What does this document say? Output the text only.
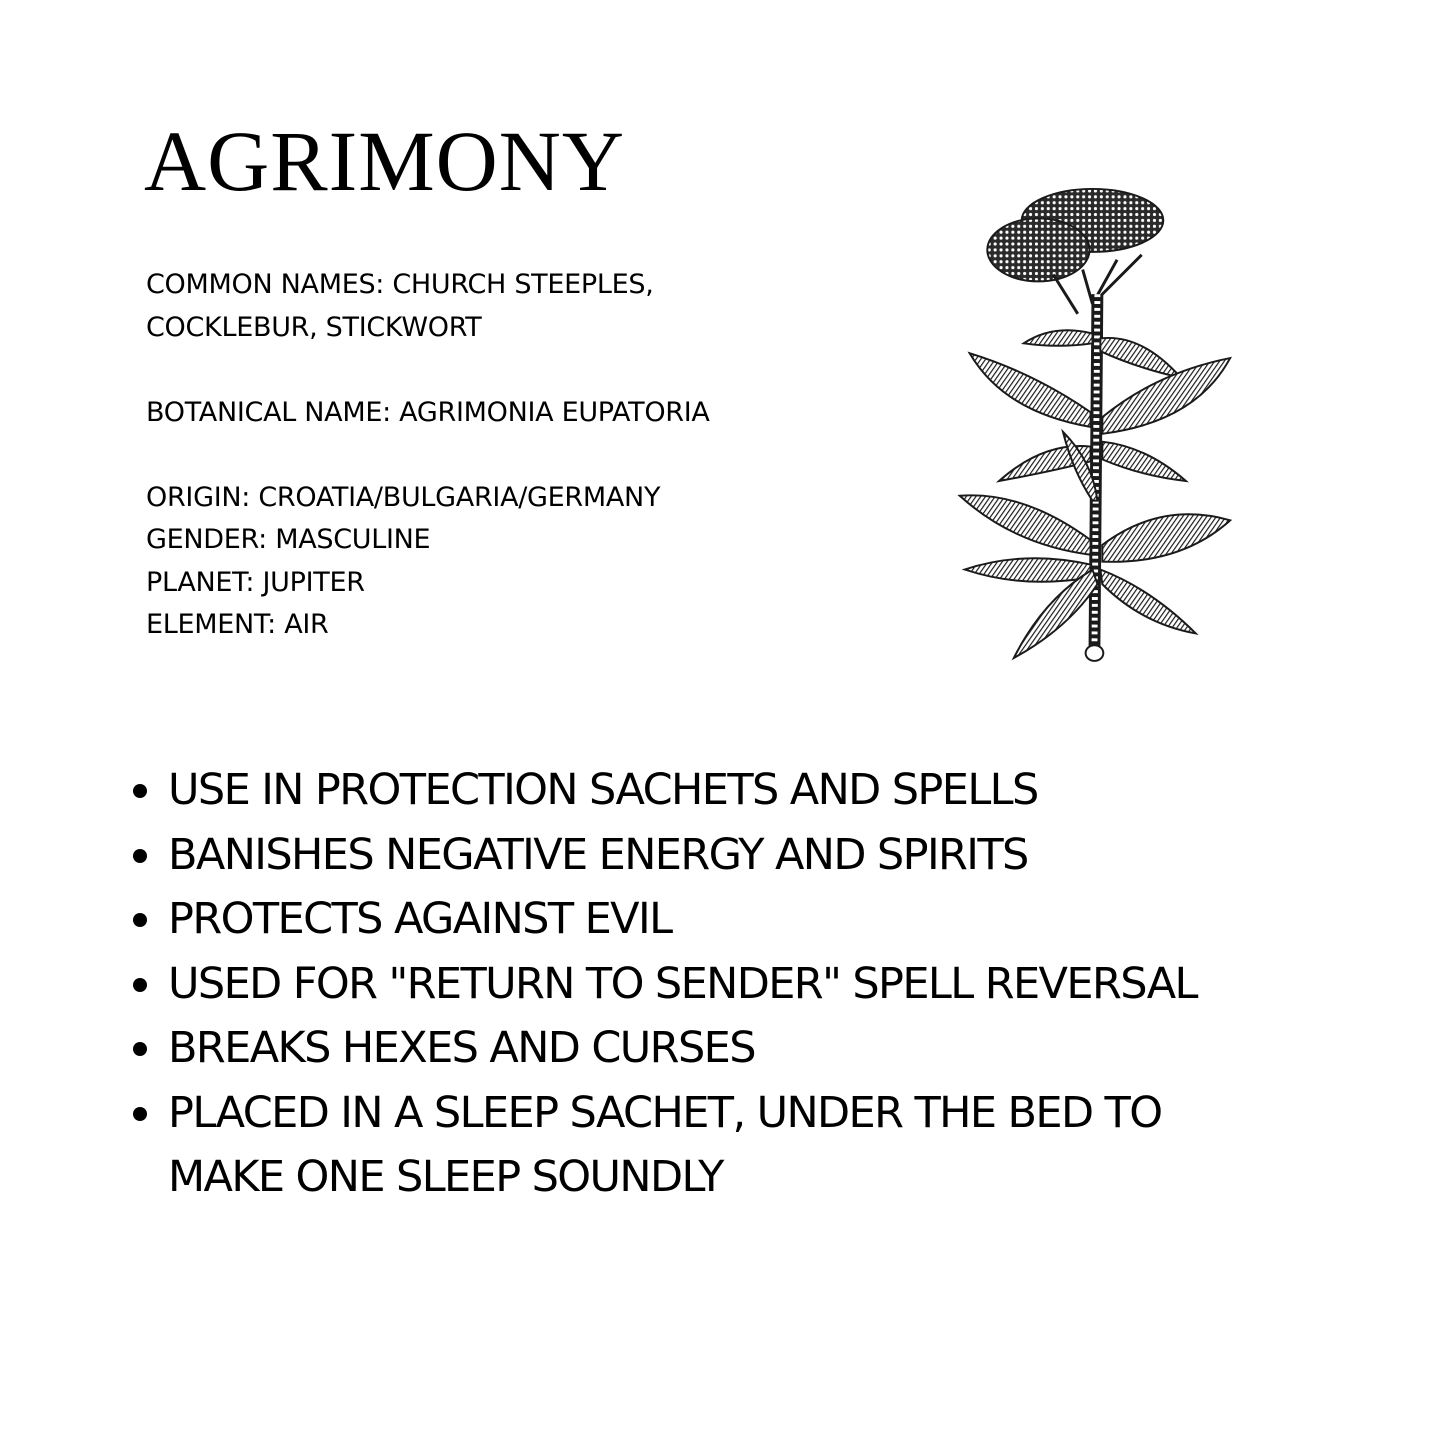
AGRIMONY
COMMON NAMES: CHURCH STEEPLES,
COCKLEBUR, STICKWORT
BOTANICAL NAME: AGRIMONIA EUPATORIA
ORIGIN: CROATIA/BULGARIA/GERMANY
GENDER: MASCULINE
PLANET: JUPITER
ELEMENT: AIR
USE IN PROTECTION SACHETS AND SPELLS
BANISHES NEGATIVE ENERGY AND SPIRITS
PROTECTS AGAINST EVIL
USED FOR "RETURN TO SENDER" SPELL REVERSAL
BREAKS HEXES AND CURSES
PLACED IN A SLEEP SACHET, UNDER THE BED TO MAKE ONE SLEEP SOUNDLY
